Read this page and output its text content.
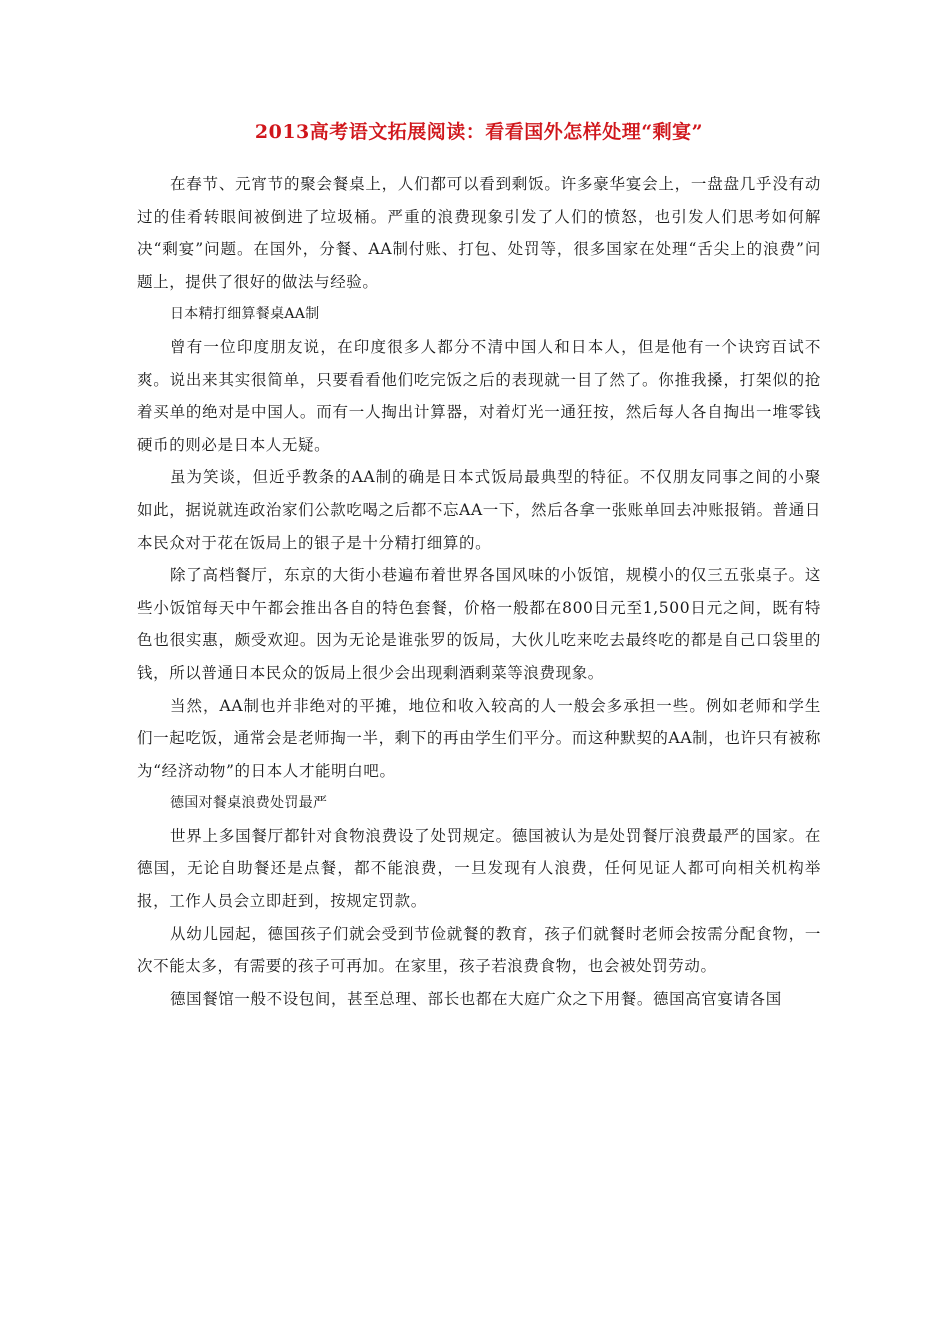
2013高考语文拓展阅读：看看国外怎样处理“剩宴”

在春节、元宵节的聚会餐桌上，人们都可以看到剩饭。许多豪华宴会上，一盘盘几乎没有动过的佳肴转眼间被倒进了垃圾桶。严重的浪费现象引发了人们的愤怒，也引发人们思考如何解决“剩宴”问题。在国外，分餐、AA制付账、打包、处罚等，很多国家在处理“舌尖上的浪费”问题上，提供了很好的做法与经验。

日本精打细算餐桌AA制

曾有一位印度朋友说，在印度很多人都分不清中国人和日本人，但是他有一个诀窍百试不爽。说出来其实很简单，只要看看他们吃完饭之后的表现就一目了然了。你推我搡，打架似的抢着买单的绝对是中国人。而有一人掏出计算器，对着灯光一通狂按，然后每人各自掏出一堆零钱硬币的则必是日本人无疑。

虽为笑谈，但近乎教条的AA制的确是日本式饭局最典型的特征。不仅朋友同事之间的小聚如此，据说就连政治家们公款吃喝之后都不忘AA一下，然后各拿一张账单回去冲账报销。普通日本民众对于花在饭局上的银子是十分精打细算的。

除了高档餐厅，东京的大街小巷遍布着世界各国风味的小饭馆，规模小的仅三五张桌子。这些小饭馆每天中午都会推出各自的特色套餐，价格一般都在800日元至1,500日元之间，既有特色也很实惠，颇受欢迎。因为无论是谁张罗的饭局，大伙儿吃来吃去最终吃的都是自己口袋里的钱，所以普通日本民众的饭局上很少会出现剩酒剩菜等浪费现象。

当然，AA制也并非绝对的平摊，地位和收入较高的人一般会多承担一些。例如老师和学生们一起吃饭，通常会是老师掏一半，剩下的再由学生们平分。而这种默契的AA制，也许只有被称为“经济动物”的日本人才能明白吧。

德国对餐桌浪费处罚最严

世界上多国餐厅都针对食物浪费设了处罚规定。德国被认为是处罚餐厅浪费最严的国家。在德国，无论自助餐还是点餐，都不能浪费，一旦发现有人浪费，任何见证人都可向相关机构举报，工作人员会立即赶到，按规定罚款。

从幼儿园起，德国孩子们就会受到节俭就餐的教育，孩子们就餐时老师会按需分配食物，一次不能太多，有需要的孩子可再加。在家里，孩子若浪费食物，也会被处罚劳动。

德国餐馆一般不设包间，甚至总理、部长也都在大庭广众之下用餐。德国高官宴请各国
